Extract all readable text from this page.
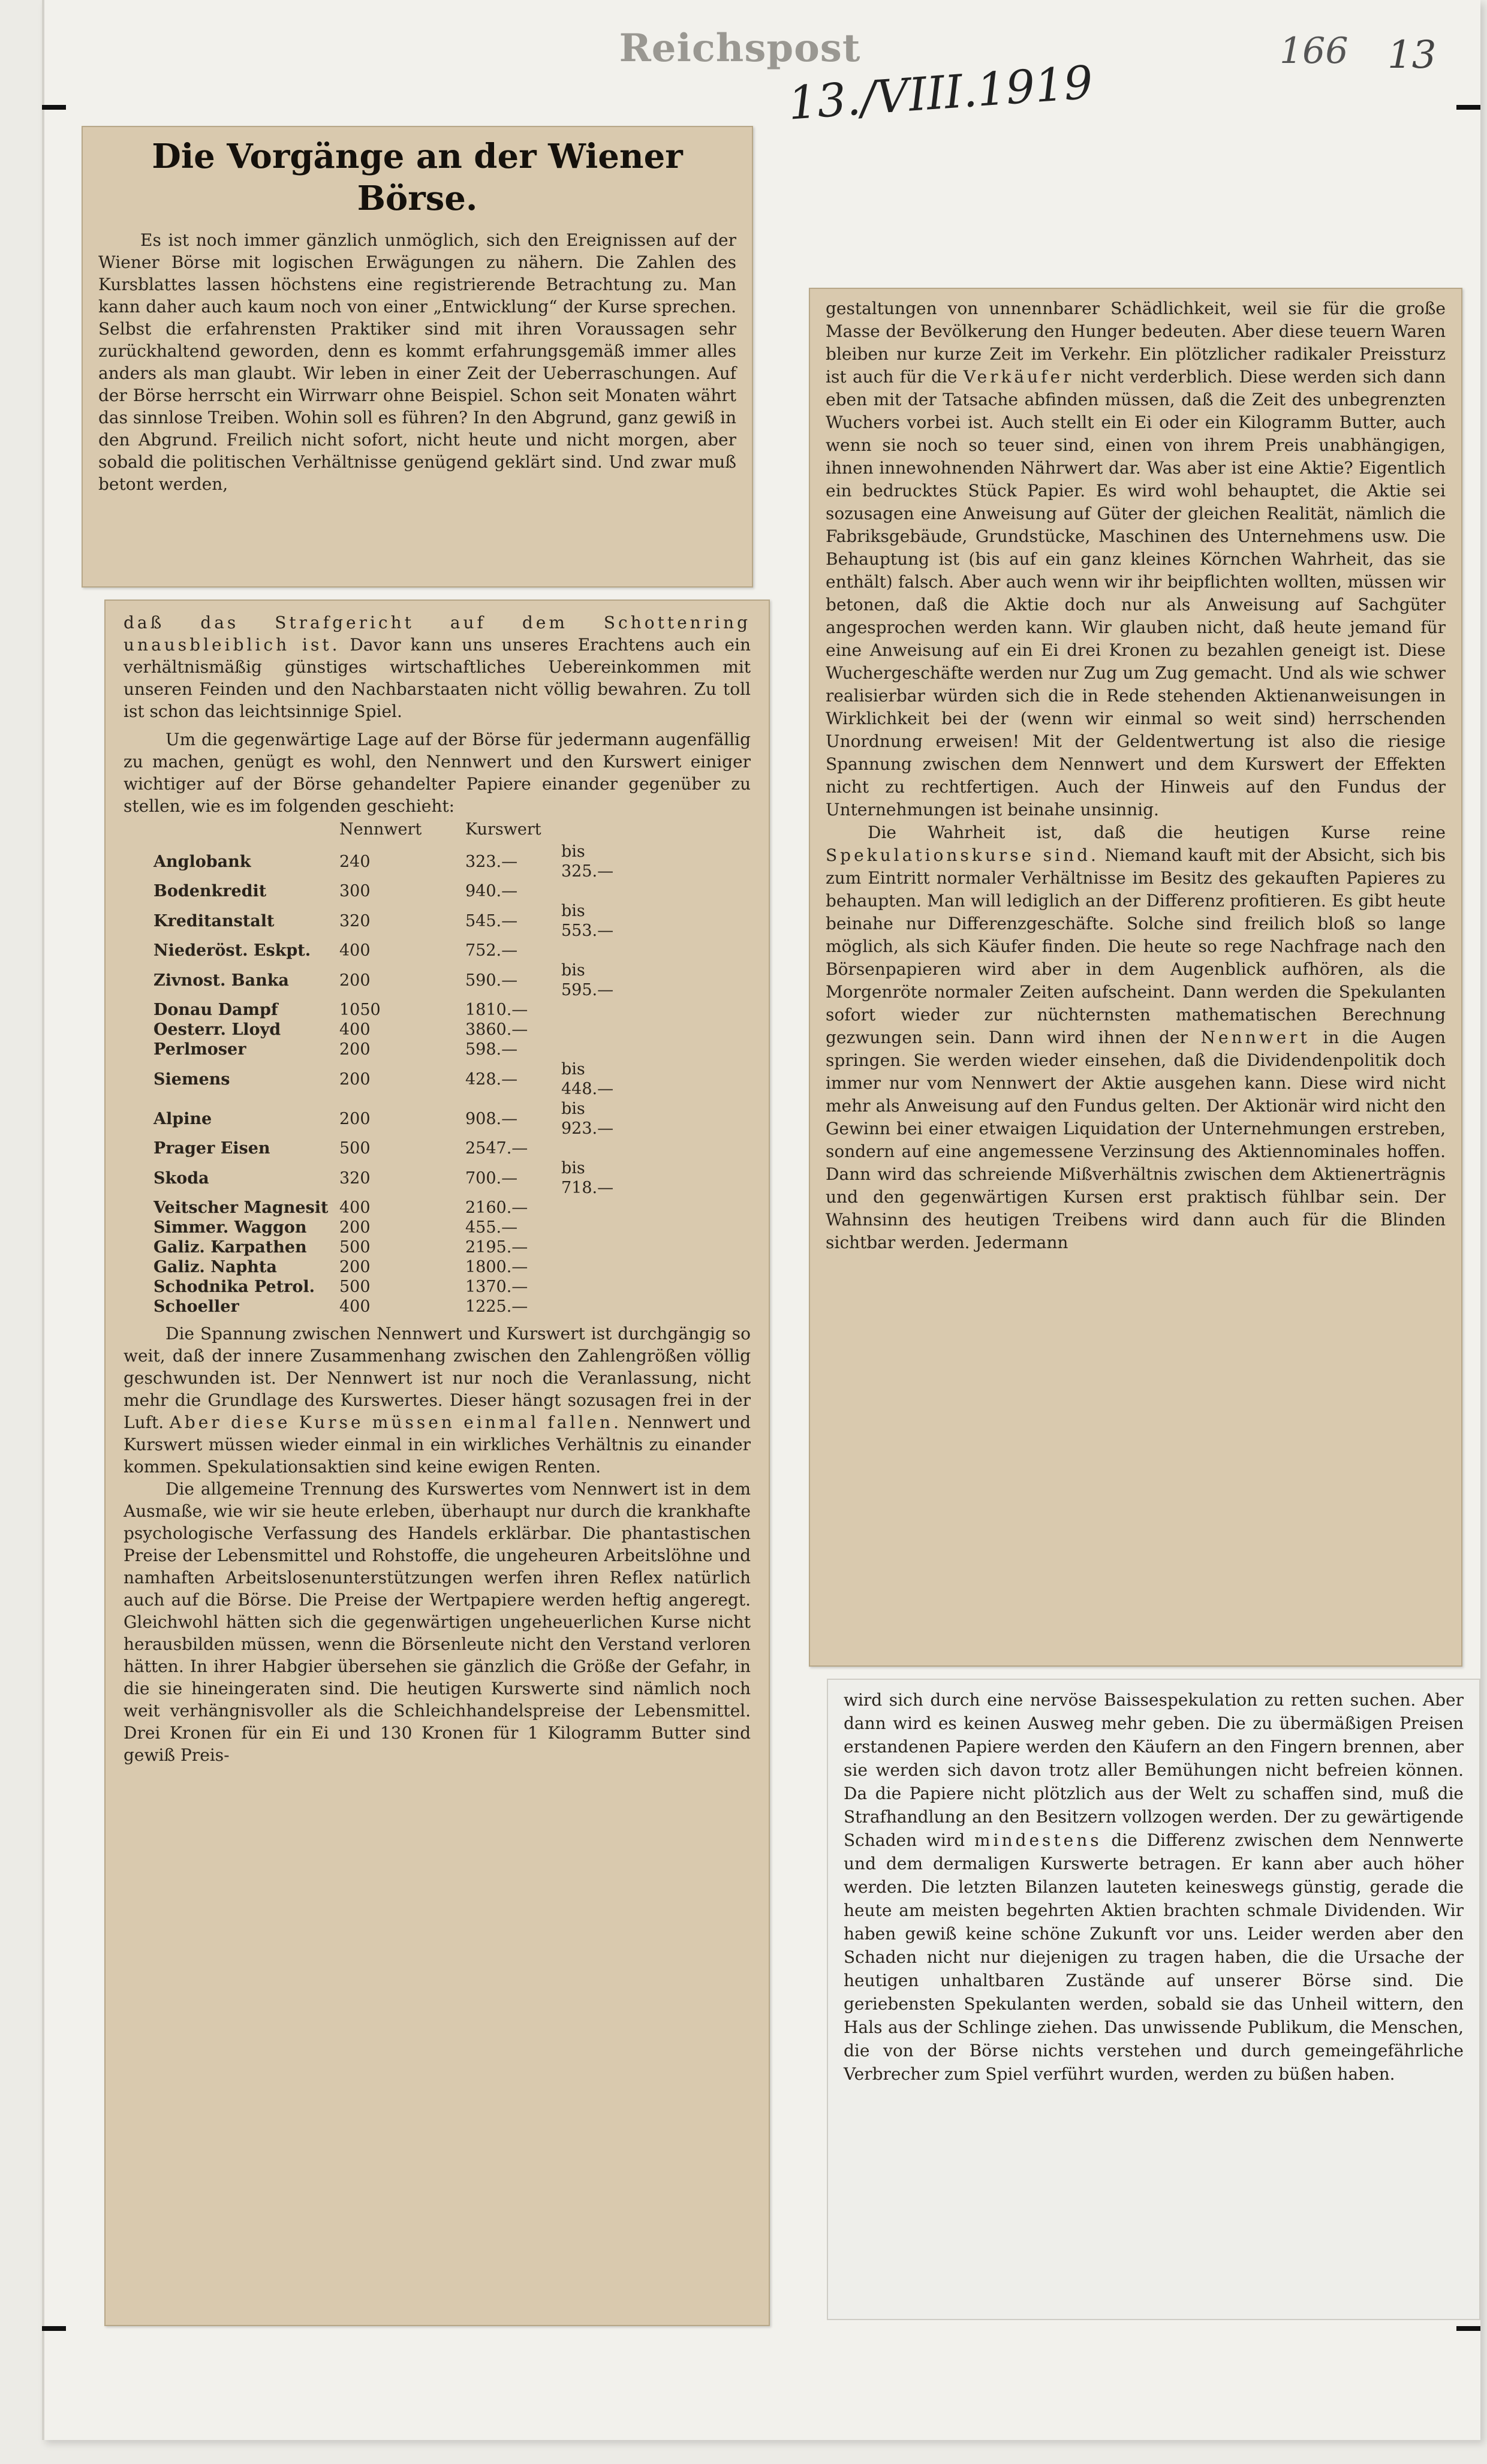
Reichspost
13./VIII.1919
166 13
Die Vorgänge an der Wiener Börse.

Es ist noch immer gänzlich unmöglich, sich den Ereignissen auf der Wiener Börse mit logischen Erwägungen zu nähern. Die Zahlen des Kursblattes lassen höchstens eine registrierende Betrachtung zu. Man kann daher auch kaum noch von einer „Entwicklung“ der Kurse sprechen. Selbst die erfahrensten Praktiker sind mit ihren Voraussagen sehr zurückhaltend geworden, denn es kommt erfahrungsgemäß immer alles anders als man glaubt. Wir leben in einer Zeit der Ueberraschungen. Auf der Börse herrscht ein Wirrwarr ohne Beispiel. Schon seit Monaten währt das sinnlose Treiben. Wohin soll es führen? In den Abgrund, ganz gewiß in den Abgrund. Freilich nicht sofort, nicht heute und nicht morgen, aber sobald die politischen Verhältnisse genügend geklärt sind. Und zwar muß betont werden,

daß das Strafgericht auf dem Schottenring unausbleiblich ist. Davor kann uns unseres Erachtens auch ein verhältnismäßig günstiges wirtschaftliches Uebereinkommen mit unseren Feinden und den Nachbarstaaten nicht völlig bewahren. Zu toll ist schon das leichtsinnige Spiel.

Um die gegenwärtige Lage auf der Börse für jedermann augenfällig zu machen, genügt es wohl, den Nennwert und den Kurswert einiger wichtiger auf der Börse gehandelter Papiere einander gegenüber zu stellen, wie es im folgenden geschieht:

	Nennwert	Kurswert	
Anglobank	240	323.—	bis 325.—
Bodenkredit	300	940.—	
Kreditanstalt	320	545.—	bis 553.—
Niederöst. Eskpt.	400	752.—	
Zivnost. Banka	200	590.—	bis 595.—
Donau Dampf	1050	1810.—	
Oesterr. Lloyd	400	3860.—	
Perlmoser	200	598.—	
Siemens	200	428.—	bis 448.—
Alpine	200	908.—	bis 923.—
Prager Eisen	500	2547.—	
Skoda	320	700.—	bis 718.—
Veitscher Magnesit	400	2160.—	
Simmer. Waggon	200	455.—	
Galiz. Karpathen	500	2195.—	
Galiz. Naphta	200	1800.—	
Schodnika Petrol.	500	1370.—	
Schoeller	400	1225.—	

Die Spannung zwischen Nennwert und Kurswert ist durchgängig so weit, daß der innere Zusammenhang zwischen den Zahlengrößen völlig geschwunden ist. Der Nennwert ist nur noch die Veranlassung, nicht mehr die Grundlage des Kurswertes. Dieser hängt sozusagen frei in der Luft. Aber diese Kurse müssen einmal fallen. Nennwert und Kurswert müssen wieder einmal in ein wirkliches Verhältnis zu einander kommen. Spekulationsaktien sind keine ewigen Renten.

Die allgemeine Trennung des Kurswertes vom Nennwert ist in dem Ausmaße, wie wir sie heute erleben, überhaupt nur durch die krankhafte psychologische Verfassung des Handels erklärbar. Die phantastischen Preise der Lebensmittel und Rohstoffe, die ungeheuren Arbeitslöhne und namhaften Arbeitslosenunterstützungen werfen ihren Reflex natürlich auch auf die Börse. Die Preise der Wertpapiere werden heftig angeregt. Gleichwohl hätten sich die gegenwärtigen ungeheuerlichen Kurse nicht herausbilden müssen, wenn die Börsenleute nicht den Verstand verloren hätten. In ihrer Habgier übersehen sie gänzlich die Größe der Gefahr, in die sie hineingeraten sind. Die heutigen Kurswerte sind nämlich noch weit verhängnisvoller als die Schleichhandelspreise der Lebensmittel. Drei Kronen für ein Ei und 130 Kronen für 1 Kilogramm Butter sind gewiß Preis-

gestaltungen von unnennbarer Schädlichkeit, weil sie für die große Masse der Bevölkerung den Hunger bedeuten. Aber diese teuern Waren bleiben nur kurze Zeit im Verkehr. Ein plötzlicher radikaler Preissturz ist auch für die Verkäufer nicht verderblich. Diese werden sich dann eben mit der Tatsache abfinden müssen, daß die Zeit des unbegrenzten Wuchers vorbei ist. Auch stellt ein Ei oder ein Kilogramm Butter, auch wenn sie noch so teuer sind, einen von ihrem Preis unabhängigen, ihnen innewohnenden Nährwert dar. Was aber ist eine Aktie? Eigentlich ein bedrucktes Stück Papier. Es wird wohl behauptet, die Aktie sei sozusagen eine Anweisung auf Güter der gleichen Realität, nämlich die Fabriksgebäude, Grundstücke, Maschinen des Unternehmens usw. Die Behauptung ist (bis auf ein ganz kleines Körnchen Wahrheit, das sie enthält) falsch. Aber auch wenn wir ihr beipflichten wollten, müssen wir betonen, daß die Aktie doch nur als Anweisung auf Sachgüter angesprochen werden kann. Wir glauben nicht, daß heute jemand für eine Anweisung auf ein Ei drei Kronen zu bezahlen geneigt ist. Diese Wuchergeschäfte werden nur Zug um Zug gemacht. Und als wie schwer realisierbar würden sich die in Rede stehenden Aktienanweisungen in Wirklichkeit bei der (wenn wir einmal so weit sind) herrschenden Unordnung erweisen! Mit der Geldentwertung ist also die riesige Spannung zwischen dem Nennwert und dem Kurswert der Effekten nicht zu rechtfertigen. Auch der Hinweis auf den Fundus der Unternehmungen ist beinahe unsinnig.

Die Wahrheit ist, daß die heutigen Kurse reine Spekulationskurse sind. Niemand kauft mit der Absicht, sich bis zum Eintritt normaler Verhältnisse im Besitz des gekauften Papieres zu behaupten. Man will lediglich an der Differenz profitieren. Es gibt heute beinahe nur Differenzgeschäfte. Solche sind freilich bloß so lange möglich, als sich Käufer finden. Die heute so rege Nachfrage nach den Börsenpapieren wird aber in dem Augenblick aufhören, als die Morgenröte normaler Zeiten aufscheint. Dann werden die Spekulanten sofort wieder zur nüchternsten mathematischen Berechnung gezwungen sein. Dann wird ihnen der Nennwert in die Augen springen. Sie werden wieder einsehen, daß die Dividendenpolitik doch immer nur vom Nennwert der Aktie ausgehen kann. Diese wird nicht mehr als Anweisung auf den Fundus gelten. Der Aktionär wird nicht den Gewinn bei einer etwaigen Liquidation der Unternehmungen erstreben, sondern auf eine angemessene Verzinsung des Aktiennominales hoffen. Dann wird das schreiende Mißverhältnis zwischen dem Aktienerträgnis und den gegenwärtigen Kursen erst praktisch fühlbar sein. Der Wahnsinn des heutigen Treibens wird dann auch für die Blinden sichtbar werden. Jedermann

wird sich durch eine nervöse Baissespekulation zu retten suchen. Aber dann wird es keinen Ausweg mehr geben. Die zu übermäßigen Preisen erstandenen Papiere werden den Käufern an den Fingern brennen, aber sie werden sich davon trotz aller Bemühungen nicht befreien können. Da die Papiere nicht plötzlich aus der Welt zu schaffen sind, muß die Strafhandlung an den Besitzern vollzogen werden. Der zu gewärtigende Schaden wird mindestens die Differenz zwischen dem Nennwerte und dem dermaligen Kurswerte betragen. Er kann aber auch höher werden. Die letzten Bilanzen lauteten keineswegs günstig, gerade die heute am meisten begehrten Aktien brachten schmale Dividenden. Wir haben gewiß keine schöne Zukunft vor uns. Leider werden aber den Schaden nicht nur diejenigen zu tragen haben, die die Ursache der heutigen unhaltbaren Zustände auf unserer Börse sind. Die geriebensten Spekulanten werden, sobald sie das Unheil wittern, den Hals aus der Schlinge ziehen. Das unwissende Publikum, die Menschen, die von der Börse nichts verstehen und durch gemeingefährliche Verbrecher zum Spiel verführt wurden, werden zu büßen haben.
